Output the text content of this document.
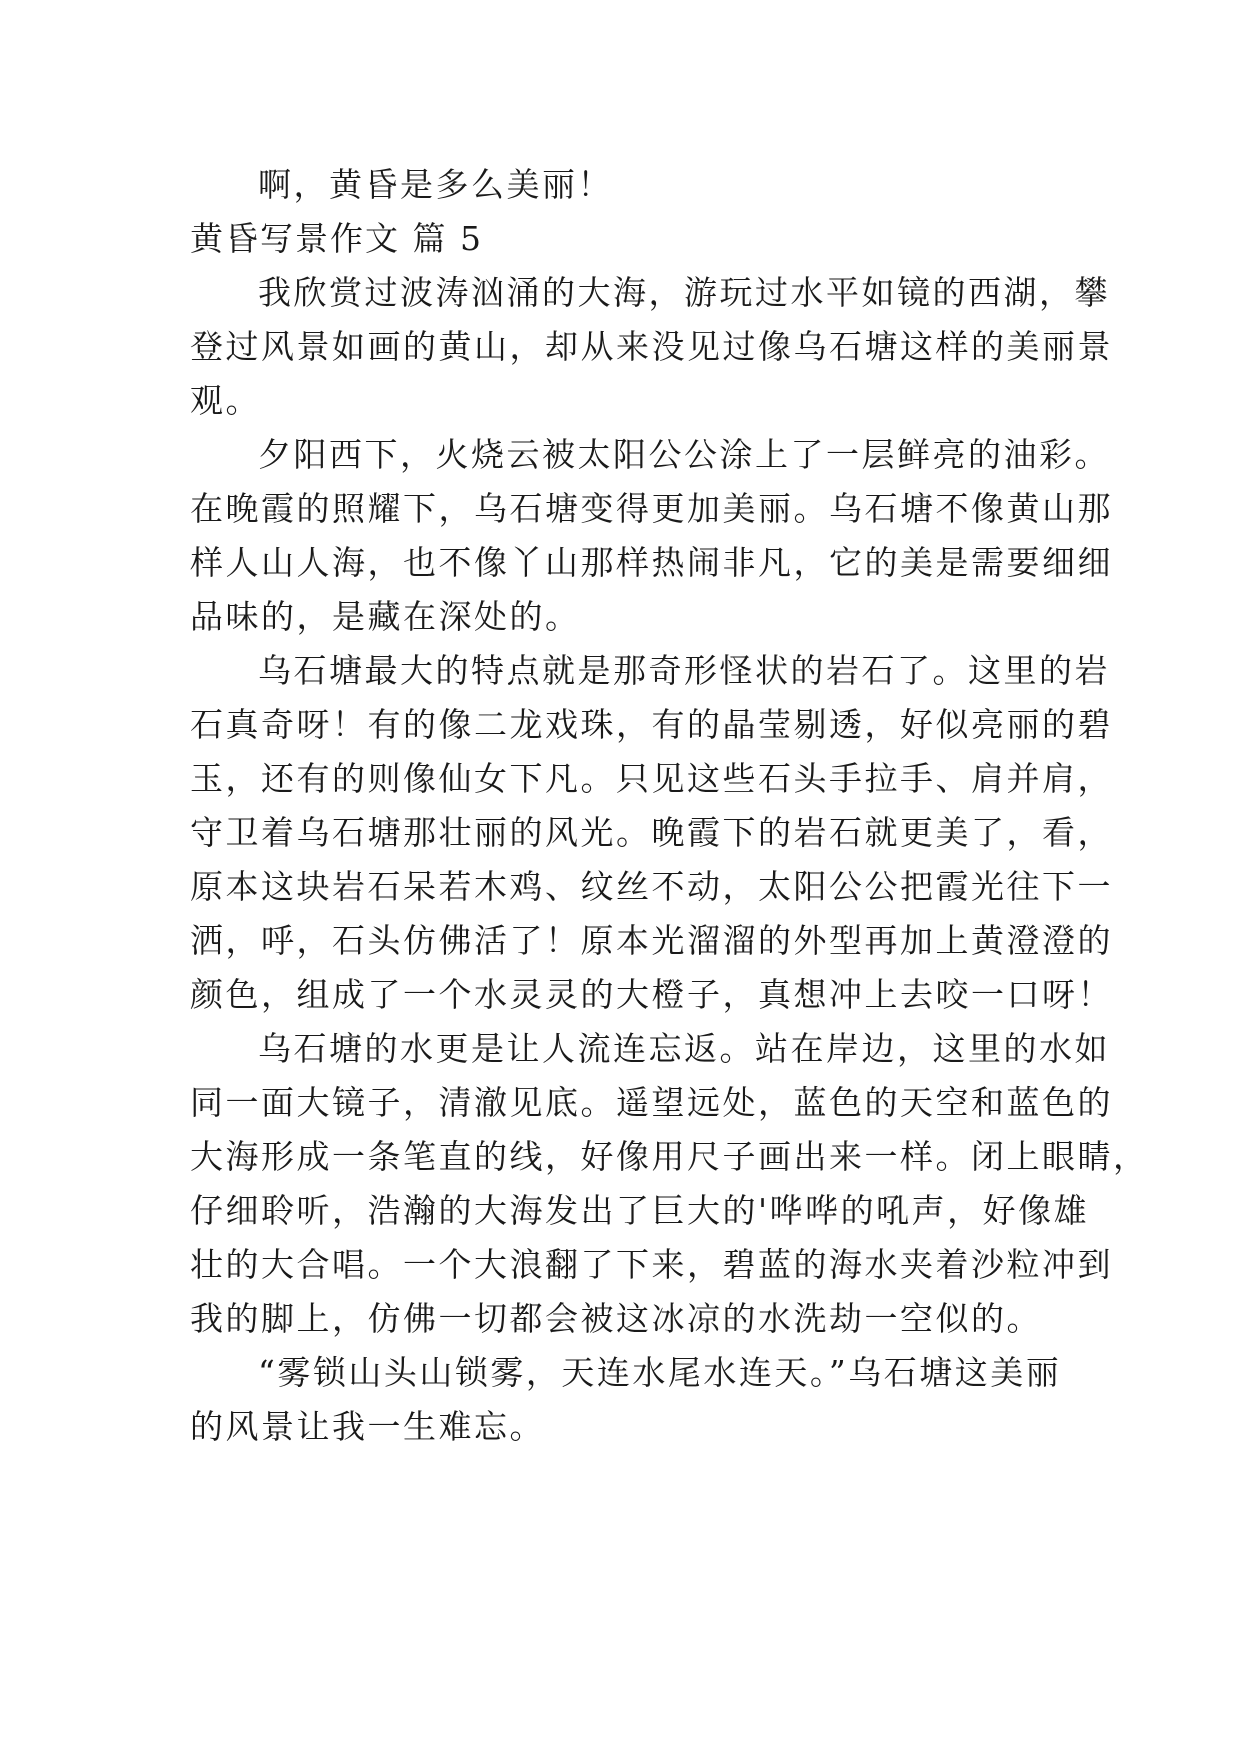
啊，黄昏是多么美丽！

黄昏写景作文 篇 5

我欣赏过波涛汹涌的大海，游玩过水平如镜的西湖，攀

登过风景如画的黄山，却从来没见过像乌石塘这样的美丽景

观。

夕阳西下，火烧云被太阳公公涂上了一层鲜亮的油彩。

在晚霞的照耀下，乌石塘变得更加美丽。乌石塘不像黄山那

样人山人海，也不像丫山那样热闹非凡，它的美是需要细细

品味的，是藏在深处的。

乌石塘最大的特点就是那奇形怪状的岩石了。这里的岩

石真奇呀！有的像二龙戏珠，有的晶莹剔透，好似亮丽的碧

玉，还有的则像仙女下凡。只见这些石头手拉手、肩并肩，

守卫着乌石塘那壮丽的风光。晚霞下的岩石就更美了，看，

原本这块岩石呆若木鸡、纹丝不动，太阳公公把霞光往下一

洒，呼，石头仿佛活了！原本光溜溜的外型再加上黄澄澄的

颜色，组成了一个水灵灵的大橙子，真想冲上去咬一口呀！

乌石塘的水更是让人流连忘返。站在岸边，这里的水如

同一面大镜子，清澈见底。遥望远处，蓝色的天空和蓝色的

大海形成一条笔直的线，好像用尺子画出来一样。闭上眼睛，

仔细聆听，浩瀚的大海发出了巨大的'哗哗的吼声，好像雄

壮的大合唱。一个大浪翻了下来，碧蓝的海水夹着沙粒冲到

我的脚上，仿佛一切都会被这冰凉的水洗劫一空似的。

“雾锁山头山锁雾，天连水尾水连天。”乌石塘这美丽

的风景让我一生难忘。
